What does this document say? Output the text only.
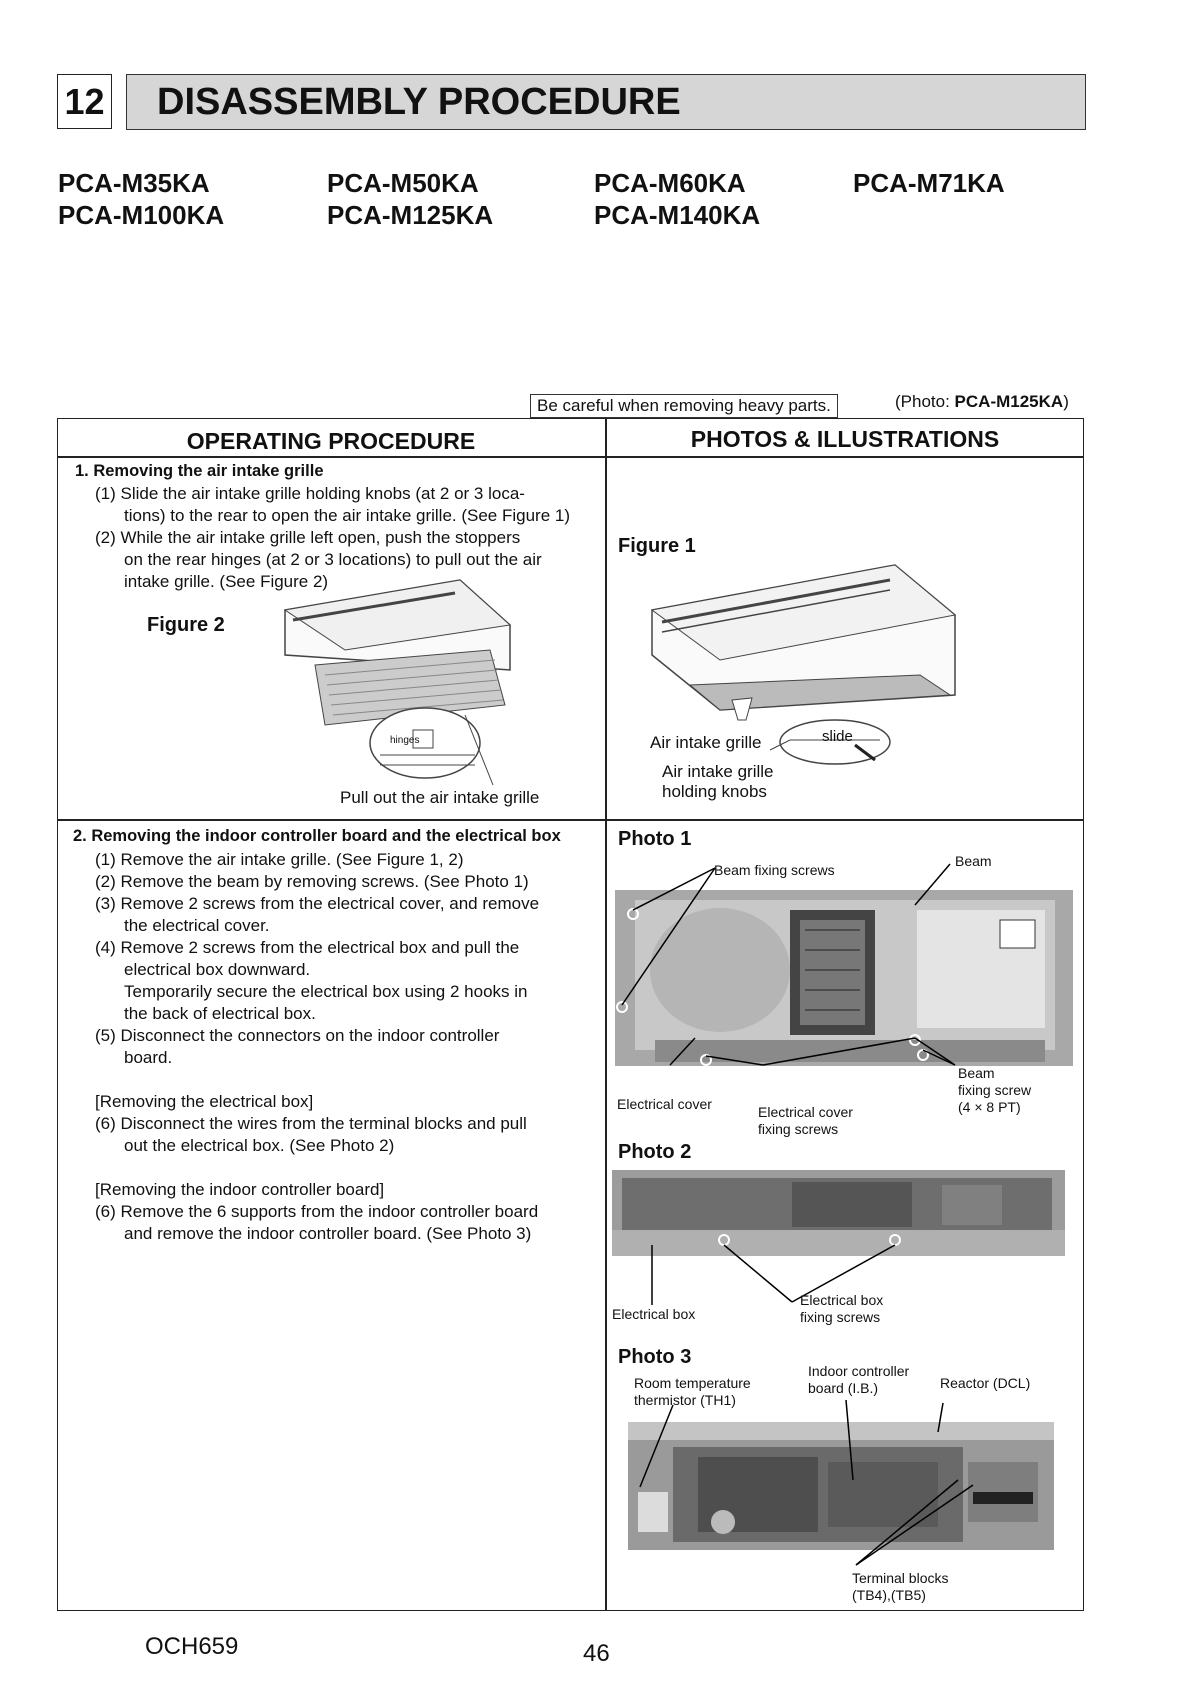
12	DISASSEMBLY PROCEDURE
PCA-M35KA	PCA-M50KA	PCA-M60KA	PCA-M71KA
PCA-M100KA	PCA-M125KA	PCA-M140KA
Be careful when removing heavy parts.	(Photo: PCA-M125KA)
OPERATING PROCEDURE	PHOTOS & ILLUSTRATIONS
1. Removing the air intake grille
(1) Slide the air intake grille holding knobs (at 2 or 3 loca-
tions) to the rear to open the air intake grille. (See Figure 1)
(2) While the air intake grille left open, push the stoppers
on the rear hinges (at 2 or 3 locations) to pull out the air
intake grille. (See Figure 2)
Figure 2
hinges
Pull out the air intake grille
Figure 1
slide
Air intake grille
Air intake grille
holding knobs
2. Removing the indoor controller board and the electrical box
(1) Remove the air intake grille. (See Figure 1, 2)
(2) Remove the beam by removing screws. (See Photo 1)
(3) Remove 2 screws from the electrical cover, and remove
the electrical cover.
(4) Remove 2 screws from the electrical box and pull the
electrical box downward.
Temporarily secure the electrical box using 2 hooks in
the back of electrical box.
(5) Disconnect the connectors on the indoor controller
board.
[Removing the electrical box]
(6) Disconnect the wires from the terminal blocks and pull
out the electrical box. (See Photo 2)
[Removing the indoor controller board]
(6) Remove the 6 supports from the indoor controller board
and remove the indoor controller board. (See Photo 3)
Photo 1
Beam fixing screws
Beam
Electrical cover	Electrical cover
fixing screws
Beam
fixing screw
(4 × 8 PT)
Photo 2
Electrical box
Electrical box
fixing screws
Photo 3
Room temperature
thermistor (TH1)
Indoor controller
board (I.B.)	Reactor (DCL)
Terminal blocks
(TB4),(TB5)
OCH659	46
